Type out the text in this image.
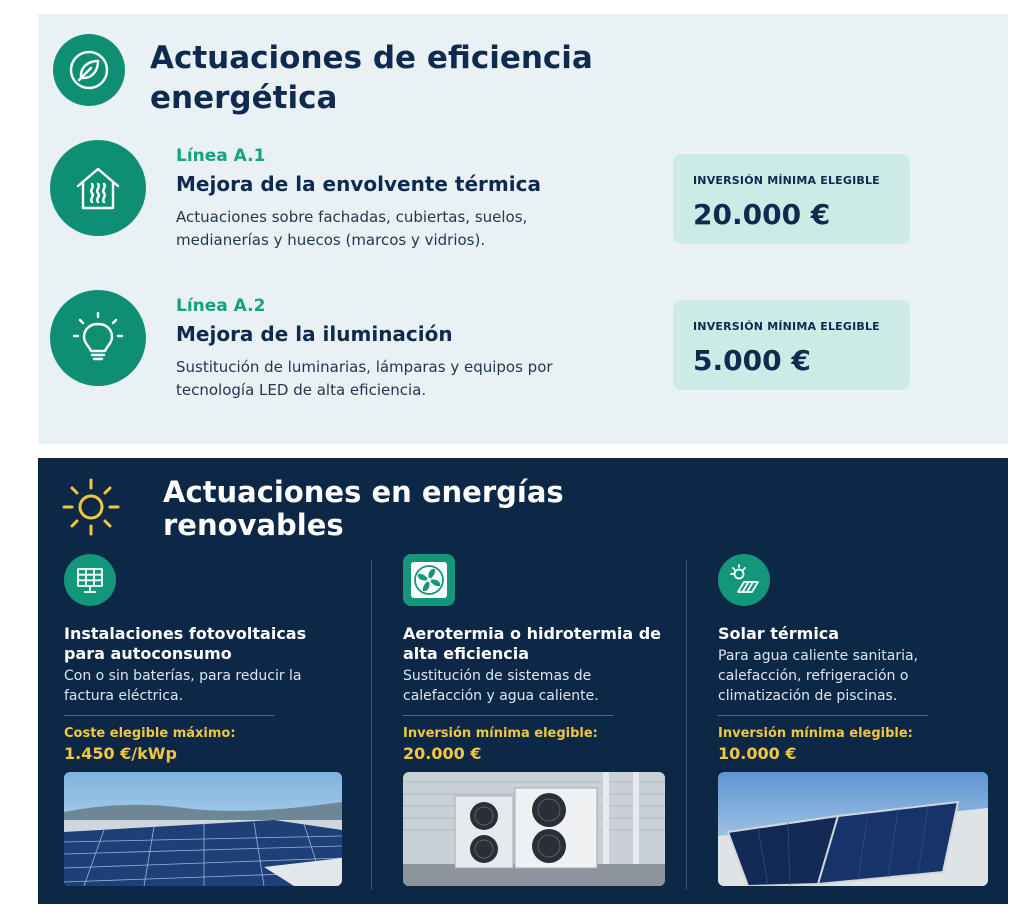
Actuaciones de eficiencia energética
Línea A.1
Mejora de la envolvente térmica

Actuaciones sobre fachadas, cubiertas, suelos, medianerías y huecos (marcos y vidrios).

INVERSIÓN MÍNIMA ELEGIBLE
20.000 €
Línea A.2
Mejora de la iluminación

Sustitución de luminarias, lámparas y equipos por tecnología LED de alta eficiencia.

INVERSIÓN MÍNIMA ELEGIBLE
5.000 €
Actuaciones en energías renovables
Instalaciones fotovoltaicas para autoconsumo

Con o sin baterías, para reducir la factura eléctrica.

Coste elegible máximo:
1.450 €/kWp
Aerotermia o hidrotermia de alta eficiencia

Sustitución de sistemas de calefacción y agua caliente.

Inversión mínima elegible:
20.000 €
Solar térmica

Para agua caliente sanitaria, calefacción, refrigeración o climatización de piscinas.

Inversión mínima elegible:
10.000 €
